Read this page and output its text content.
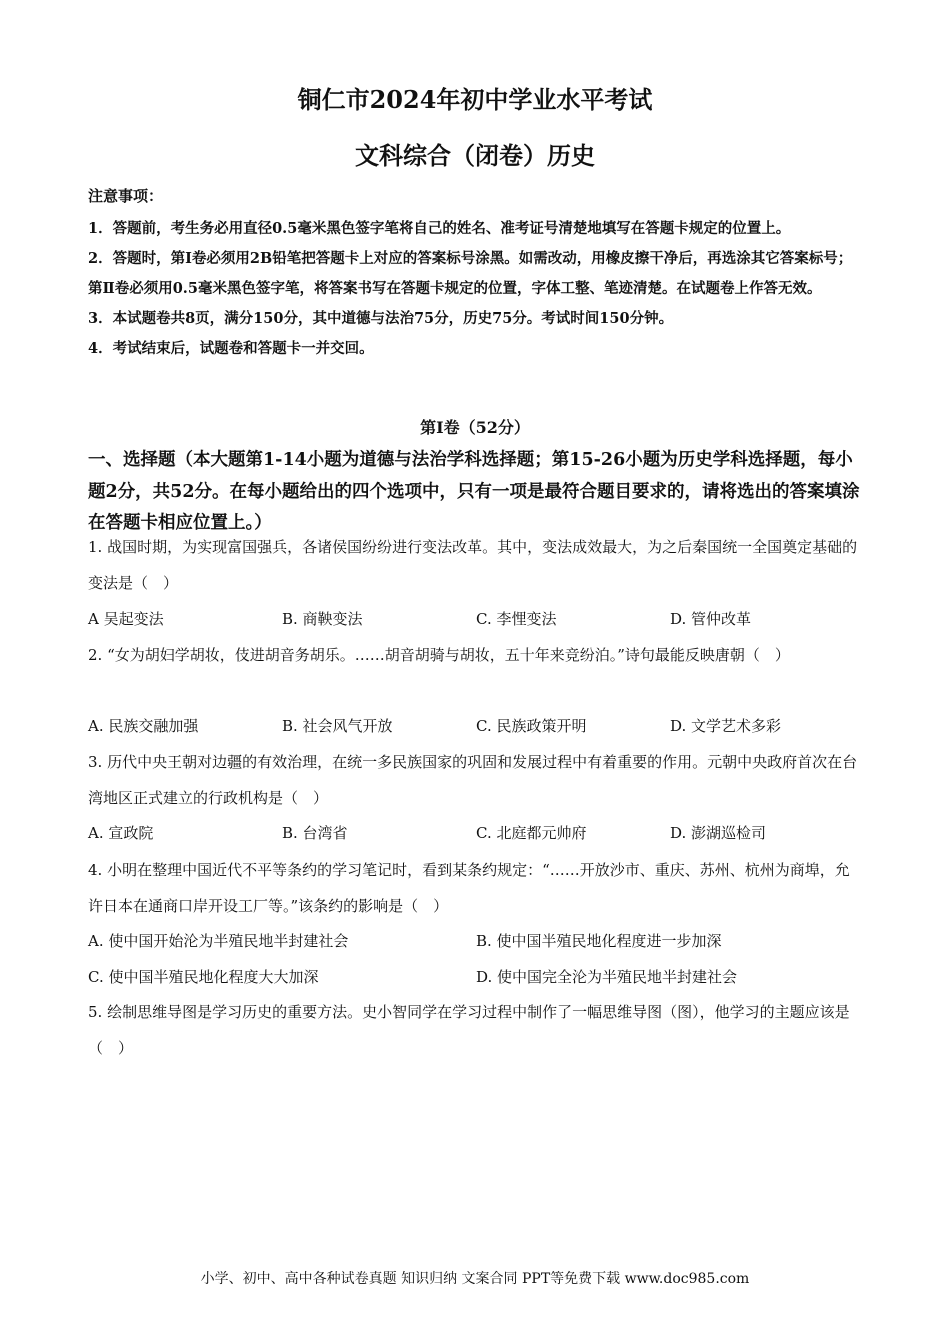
铜仁市2024年初中学业水平考试
文科综合（闭卷）历史
注意事项：

1．答题前，考生务必用直径0.5毫米黑色签字笔将自己的姓名、准考证号清楚地填写在答题卡规定的位置上。

2．答题时，第Ⅰ卷必须用2B铅笔把答题卡上对应的答案标号涂黑。如需改动，用橡皮擦干净后，再选涂其它答案标号；第Ⅱ卷必须用0.5毫米黑色签字笔，将答案书写在答题卡规定的位置，字体工整、笔迹清楚。在试题卷上作答无效。

3．本试题卷共8页，满分150分，其中道德与法治75分，历史75分。考试时间150分钟。

4．考试结束后，试题卷和答题卡一并交回。

第Ⅰ卷（52分）
一、选择题（本大题第1-14小题为道德与法治学科选择题；第15-26小题为历史学科选择题，每小题2分，共52分。在每小题给出的四个选项中，只有一项是最符合题目要求的，请将选出的答案填涂在答题卡相应位置上。）

1. 战国时期，为实现富国强兵，各诸侯国纷纷进行变法改革。其中，变法成效最大，为之后秦国统一全国奠定基础的变法是（　）

A 吴起变法	B. 商鞅变法	C. 李悝变法	D. 管仲改革

2. “女为胡妇学胡妆，伎进胡音务胡乐。……胡音胡骑与胡妆，五十年来竞纷泊。”诗句最能反映唐朝（　）

A. 民族交融加强	B. 社会风气开放	C. 民族政策开明	D. 文学艺术多彩

3. 历代中央王朝对边疆的有效治理，在统一多民族国家的巩固和发展过程中有着重要的作用。元朝中央政府首次在台湾地区正式建立的行政机构是（　）

A. 宣政院	B. 台湾省	C. 北庭都元帅府	D. 澎湖巡检司

4. 小明在整理中国近代不平等条约的学习笔记时，看到某条约规定：“……开放沙市、重庆、苏州、杭州为商埠，允许日本在通商口岸开设工厂等。”该条约的影响是（　）

A. 使中国开始沦为半殖民地半封建社会	B. 使中国半殖民地化程度进一步加深
C. 使中国半殖民地化程度大大加深	D. 使中国完全沦为半殖民地半封建社会

5. 绘制思维导图是学习历史的重要方法。史小智同学在学习过程中制作了一幅思维导图（图），他学习的主题应该是（　）

小学、初中、高中各种试卷真题 知识归纳 文案合同 PPT等免费下载 www.doc985.com
